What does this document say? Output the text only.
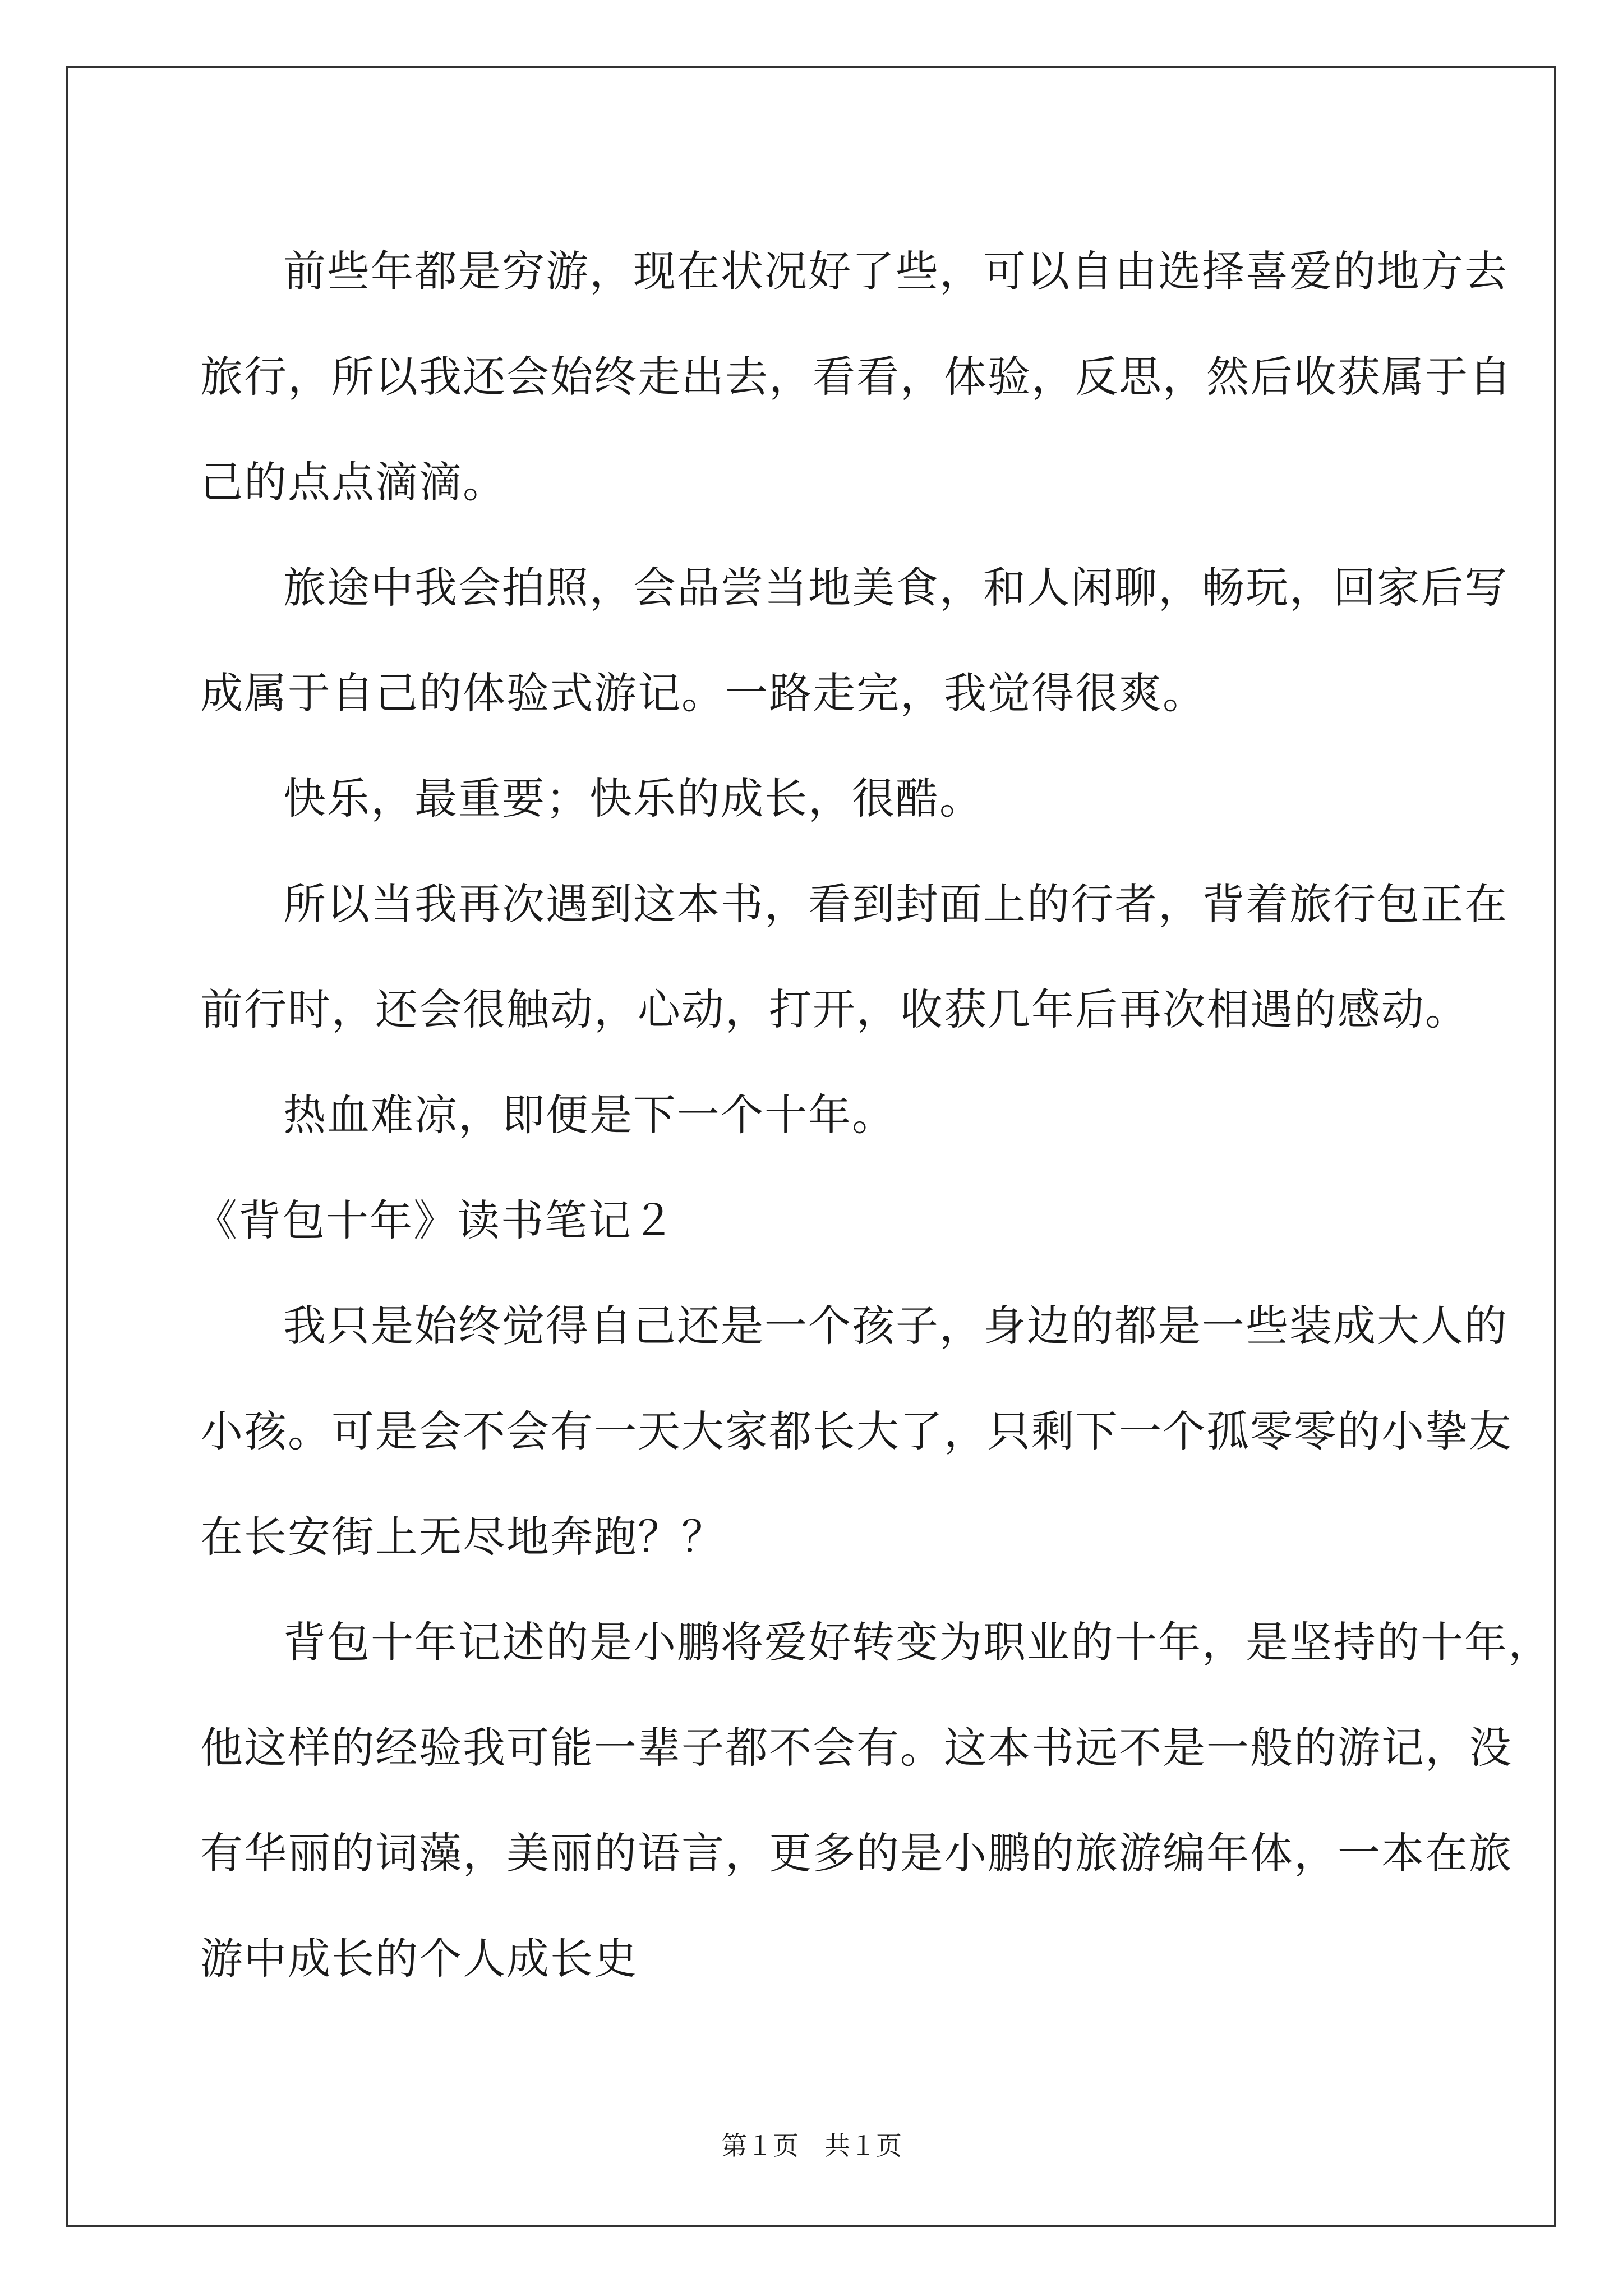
前些年都是穷游，现在状况好了些，可以自由选择喜爱的地方去
旅行，所以我还会始终走出去，看看，体验，反思，然后收获属于自
己的点点滴滴。
旅途中我会拍照，会品尝当地美食，和人闲聊，畅玩，回家后写
成属于自己的体验式游记。一路走完，我觉得很爽。
快乐，最重要；快乐的成长，很酷。
所以当我再次遇到这本书，看到封面上的行者，背着旅行包正在
前行时，还会很触动，心动，打开，收获几年后再次相遇的感动。
热血难凉，即便是下一个十年。
《背包十年》读书笔记２
我只是始终觉得自己还是一个孩子，身边的都是一些装成大人的
小孩。可是会不会有一天大家都长大了，只剩下一个孤零零的小挚友
在长安街上无尽地奔跑？？
背包十年记述的是小鹏将爱好转变为职业的十年，是坚持的十年，
他这样的经验我可能一辈子都不会有。这本书远不是一般的游记，没
有华丽的词藻，美丽的语言，更多的是小鹏的旅游编年体，一本在旅
游中成长的个人成长史
第１页　共１页
